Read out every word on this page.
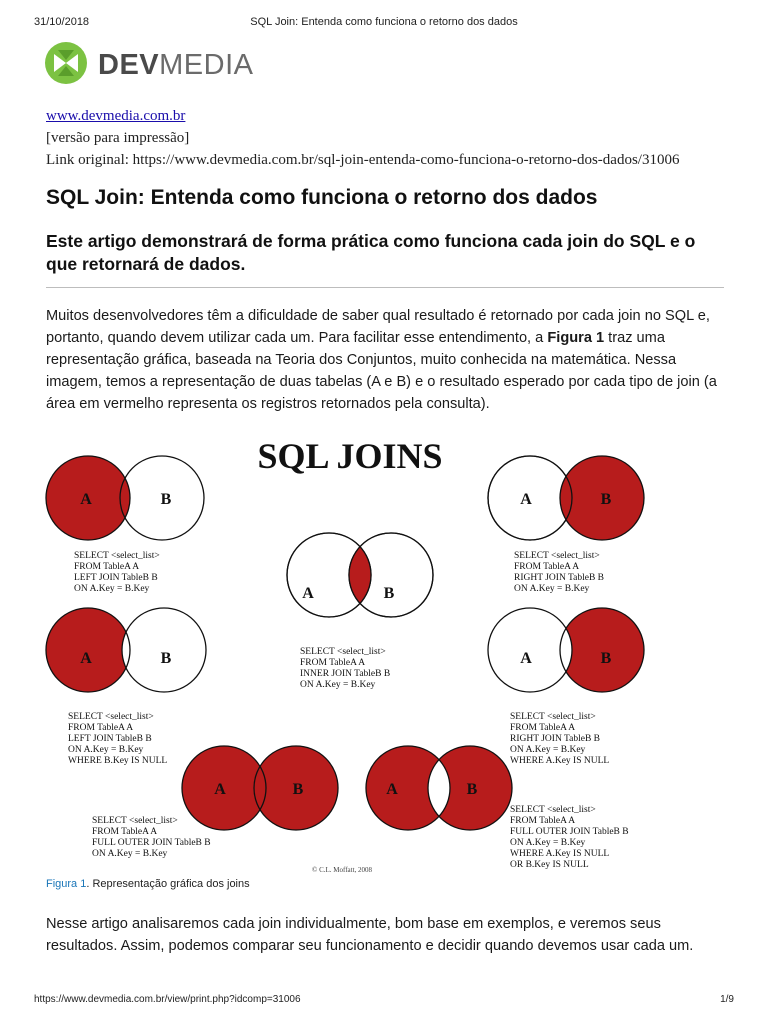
31/10/2018	SQL Join: Entenda como funciona o retorno dos dados
DEVMEDIA
www.devmedia.com.br
[versão para impressão]
Link original: https://www.devmedia.com.br/sql-join-entenda-como-funciona-o-retorno-dos-dados/31006
SQL Join: Entenda como funciona o retorno dos dados
Este artigo demonstrará de forma prática como funciona cada join do SQL e o que retornará de dados.

Muitos desenvolvedores têm a dificuldade de saber qual resultado é retornado por cada join no SQL e, portanto, quando devem utilizar cada um. Para facilitar esse entendimento, a Figura 1 traz uma representação gráfica, baseada na Teoria dos Conjuntos, muito conhecida na matemática. Nessa imagem, temos a representação de duas tabelas (A e B) e o resultado esperado por cada tipo de join (a área em vermelho representa os registros retornados pela consulta).

SQL JOINS
A	B
SELECT <select_list> FROM TableA A LEFT JOIN TableB B ON A.Key = B.Key
A	B
SELECT <select_list> FROM TableA A RIGHT JOIN TableB B ON A.Key = B.Key
A	B
SELECT <select_list> FROM TableA A INNER JOIN TableB B ON A.Key = B.Key
A	B
SELECT <select_list> FROM TableA A LEFT JOIN TableB B ON A.Key = B.Key WHERE B.Key IS NULL
A	B
SELECT <select_list> FROM TableA A RIGHT JOIN TableB B ON A.Key = B.Key WHERE A.Key IS NULL
A	B
SELECT <select_list> FROM TableA A FULL OUTER JOIN TableB B ON A.Key = B.Key
A	B
SELECT <select_list> FROM TableA A FULL OUTER JOIN TableB B ON A.Key = B.Key WHERE A.Key IS NULL OR B.Key IS NULL
© C.L. Moffatt, 2008
Figura 1. Representação gráfica dos joins

Nesse artigo analisaremos cada join individualmente, bom base em exemplos, e veremos seus resultados. Assim, podemos comparar seu funcionamento e decidir quando devemos usar cada um.

https://www.devmedia.com.br/view/print.php?idcomp=31006	1/9
